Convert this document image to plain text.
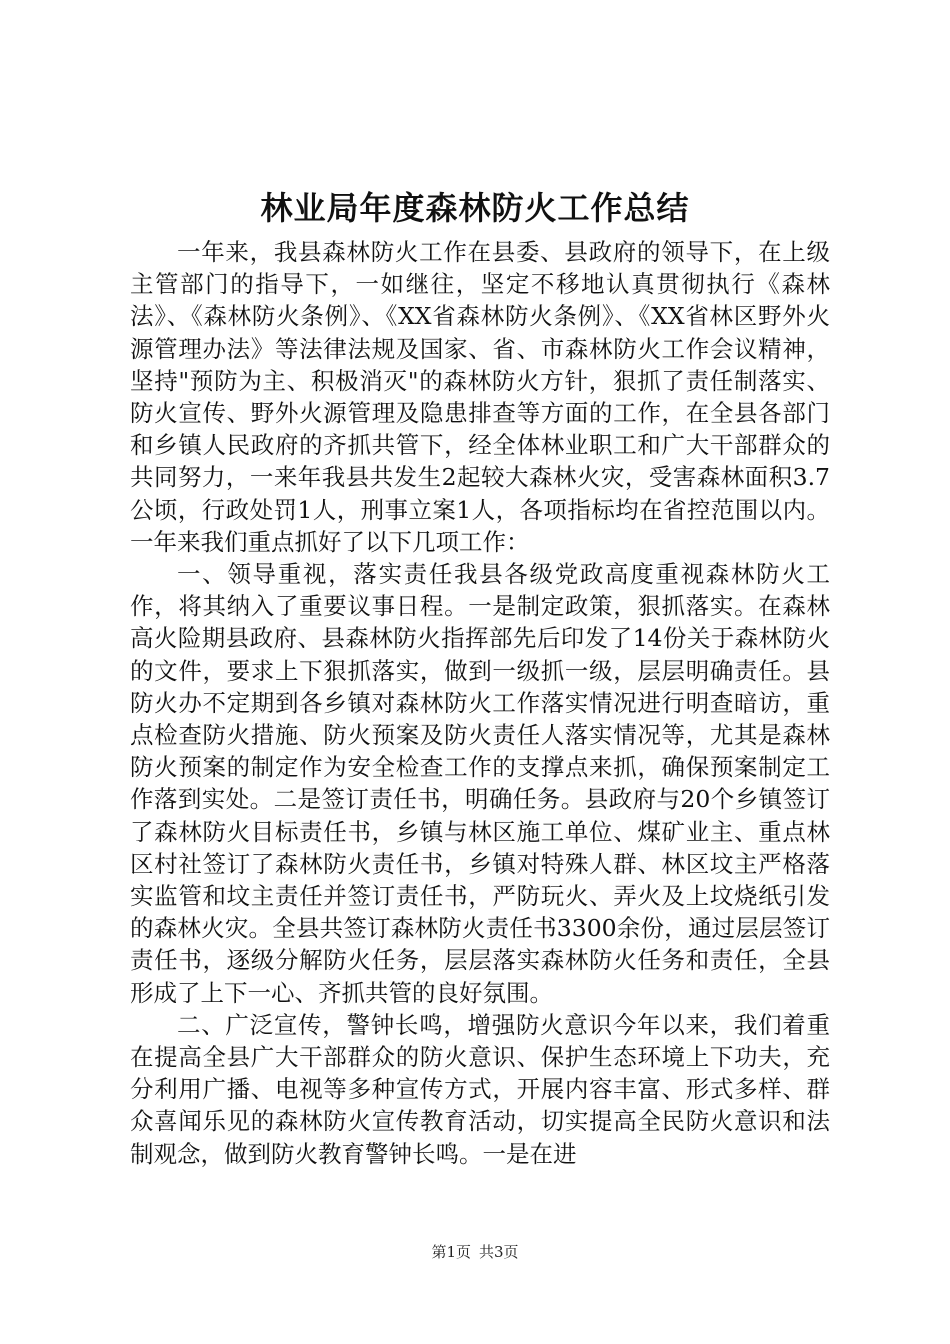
林业局年度森林防火工作总结

一年来，我县森林防火工作在县委、县政府的领导下，在上级主管部门的指导下，一如继往，坚定不移地认真贯彻执行《森林法》、《森林防火条例》、《XX省森林防火条例》、《XX省林区野外火源管理办法》等法律法规及国家、省、市森林防火工作会议精神，坚持"预防为主、积极消灭"的森林防火方针，狠抓了责任制落实、防火宣传、野外火源管理及隐患排查等方面的工作，在全县各部门和乡镇人民政府的齐抓共管下，经全体林业职工和广大干部群众的共同努力，一来年我县共发生2起较大森林火灾，受害森林面积3.7公顷，行政处罚1人，刑事立案1人，各项指标均在省控范围以内。一年来我们重点抓好了以下几项工作：

一、领导重视，落实责任我县各级党政高度重视森林防火工作，将其纳入了重要议事日程。一是制定政策，狠抓落实。在森林高火险期县政府、县森林防火指挥部先后印发了14份关于森林防火的文件，要求上下狠抓落实，做到一级抓一级，层层明确责任。县防火办不定期到各乡镇对森林防火工作落实情况进行明查暗访，重点检查防火措施、防火预案及防火责任人落实情况等，尤其是森林防火预案的制定作为安全检查工作的支撑点来抓，确保预案制定工作落到实处。二是签订责任书，明确任务。县政府与20个乡镇签订了森林防火目标责任书，乡镇与林区施工单位、煤矿业主、重点林区村社签订了森林防火责任书，乡镇对特殊人群、林区坟主严格落实监管和坟主责任并签订责任书，严防玩火、弄火及上坟烧纸引发的森林火灾。全县共签订森林防火责任书3300余份，通过层层签订责任书，逐级分解防火任务，层层落实森林防火任务和责任，全县形成了上下一心、齐抓共管的良好氛围。

二、广泛宣传，警钟长鸣，增强防火意识今年以来，我们着重在提高全县广大干部群众的防火意识、保护生态环境上下功夫，充分利用广播、电视等多种宣传方式，开展内容丰富、形式多样、群众喜闻乐见的森林防火宣传教育活动，切实提高全民防火意识和法制观念，做到防火教育警钟长鸣。一是在进

第1页 共3页
